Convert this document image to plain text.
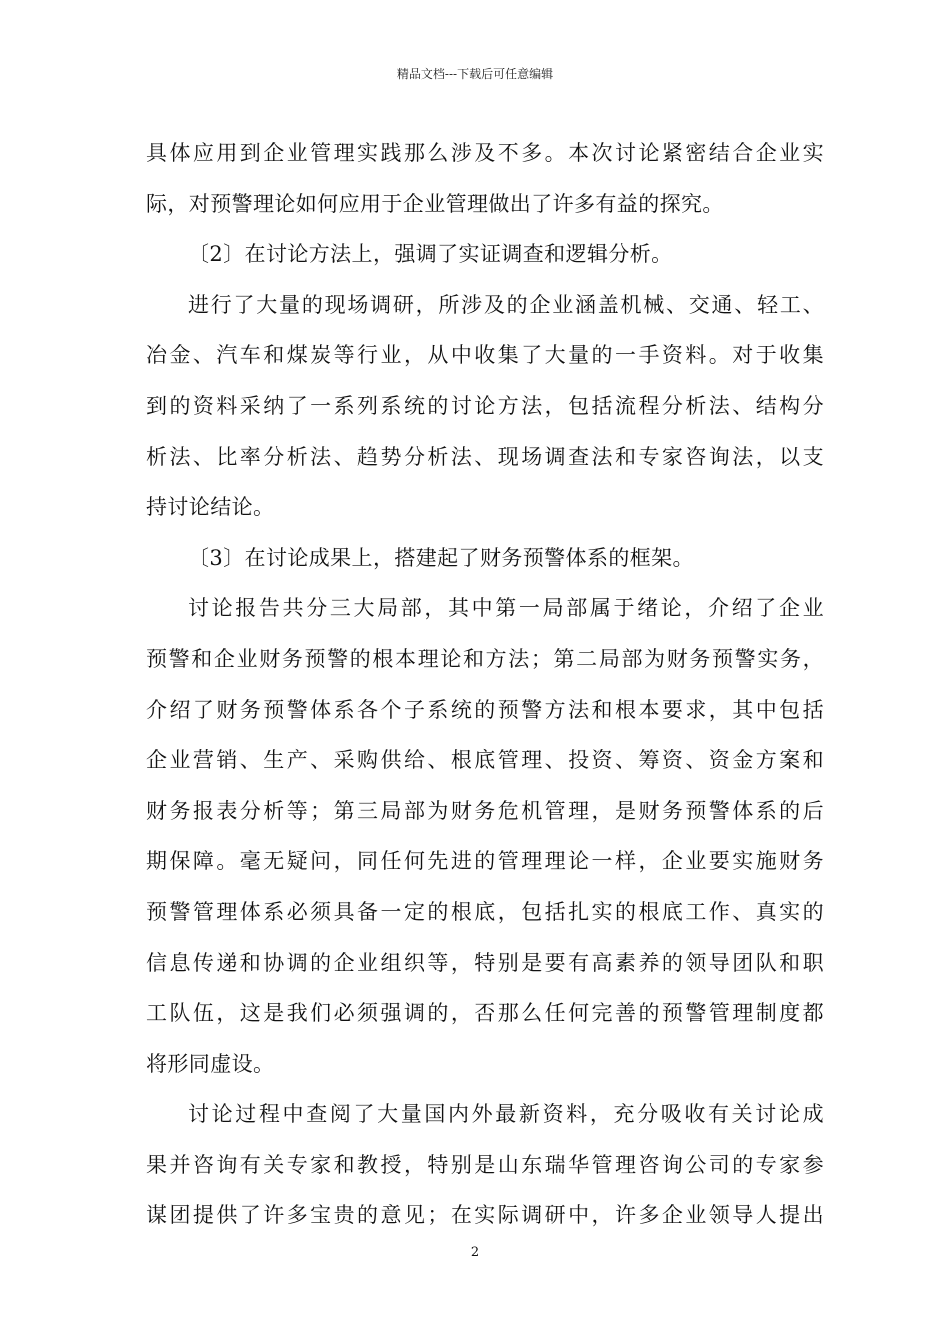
精品文档---下载后可任意编辑
具体应用到企业管理实践那么涉及不多。本次讨论紧密结合企业实
际，对预警理论如何应用于企业管理做出了许多有益的探究。
〔2〕在讨论方法上，强调了实证调查和逻辑分析。
进行了大量的现场调研，所涉及的企业涵盖机械、交通、轻工、
冶金、汽车和煤炭等行业，从中收集了大量的一手资料。对于收集
到的资料采纳了一系列系统的讨论方法，包括流程分析法、结构分
析法、比率分析法、趋势分析法、现场调查法和专家咨询法，以支
持讨论结论。
〔3〕在讨论成果上，搭建起了财务预警体系的框架。
讨论报告共分三大局部，其中第一局部属于绪论，介绍了企业
预警和企业财务预警的根本理论和方法；第二局部为财务预警实务，
介绍了财务预警体系各个子系统的预警方法和根本要求，其中包括
企业营销、生产、采购供给、根底管理、投资、筹资、资金方案和
财务报表分析等；第三局部为财务危机管理，是财务预警体系的后
期保障。毫无疑问，同任何先进的管理理论一样，企业要实施财务
预警管理体系必须具备一定的根底，包括扎实的根底工作、真实的
信息传递和协调的企业组织等，特别是要有高素养的领导团队和职
工队伍，这是我们必须强调的，否那么任何完善的预警管理制度都
将形同虚设。
讨论过程中查阅了大量国内外最新资料，充分吸收有关讨论成
果并咨询有关专家和教授，特别是山东瑞华管理咨询公司的专家参
谋团提供了许多宝贵的意见；在实际调研中，许多企业领导人提出
2
